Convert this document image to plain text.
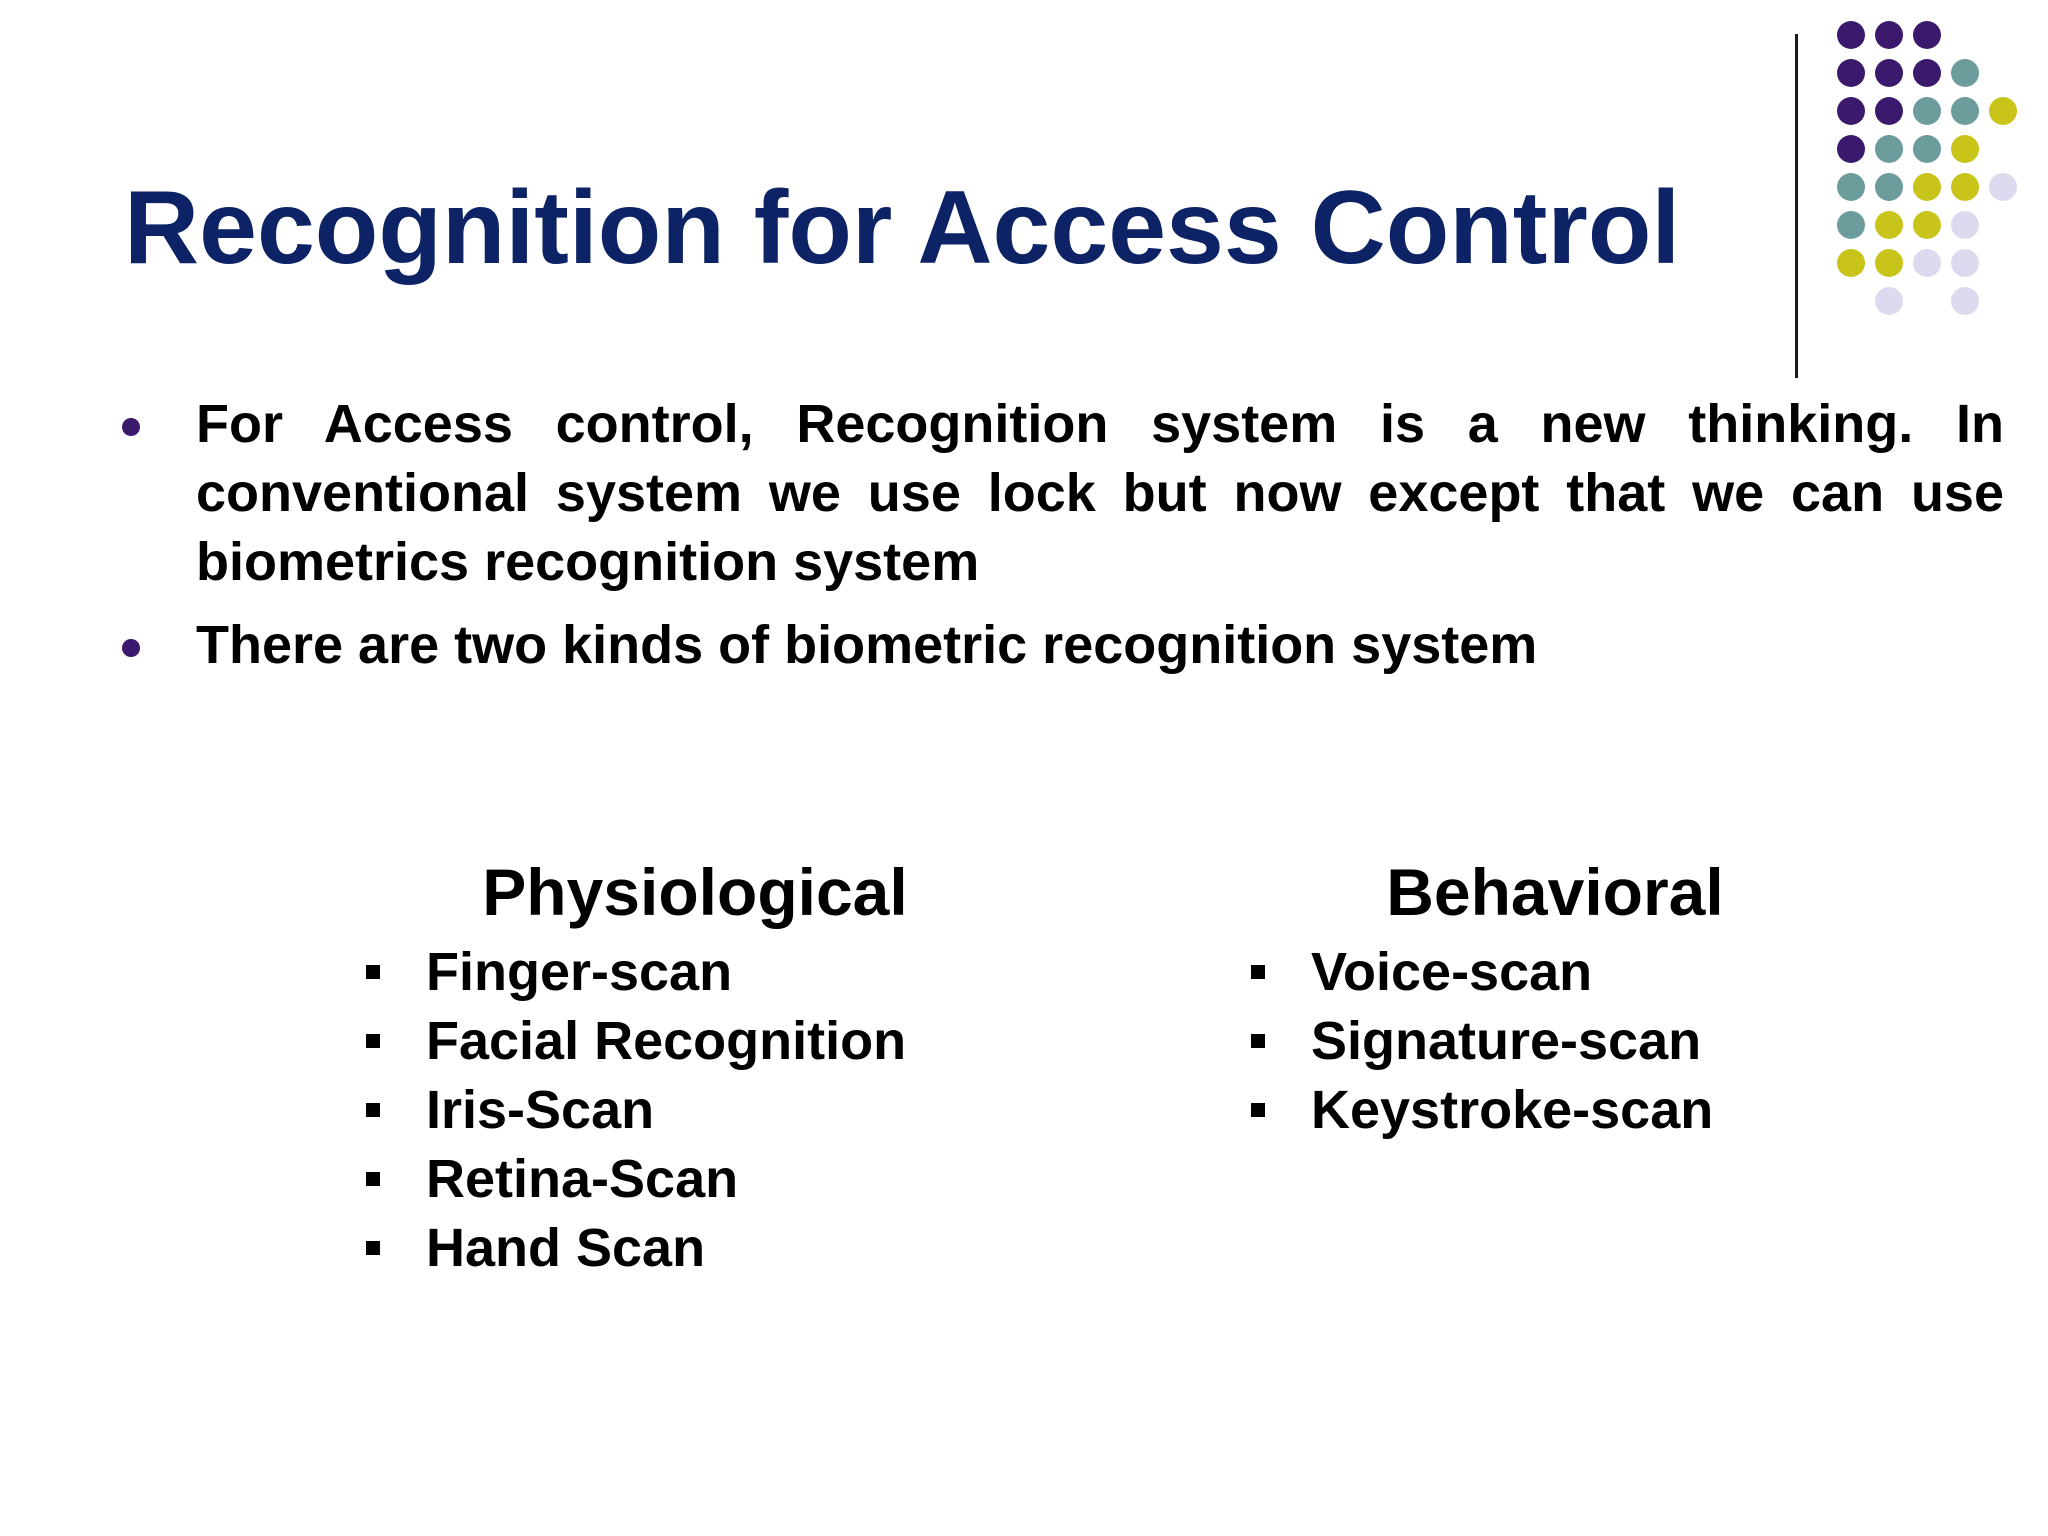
Recognition for Access Control
For Access control, Recognition system is a new thinking. In conventional system we use lock but now except that we can use biometrics recognition system
There are two kinds of biometric recognition system
Physiological
Finger-scan
Facial Recognition
Iris-Scan
Retina-Scan
Hand Scan
Behavioral
Voice-scan
Signature-scan
Keystroke-scan
